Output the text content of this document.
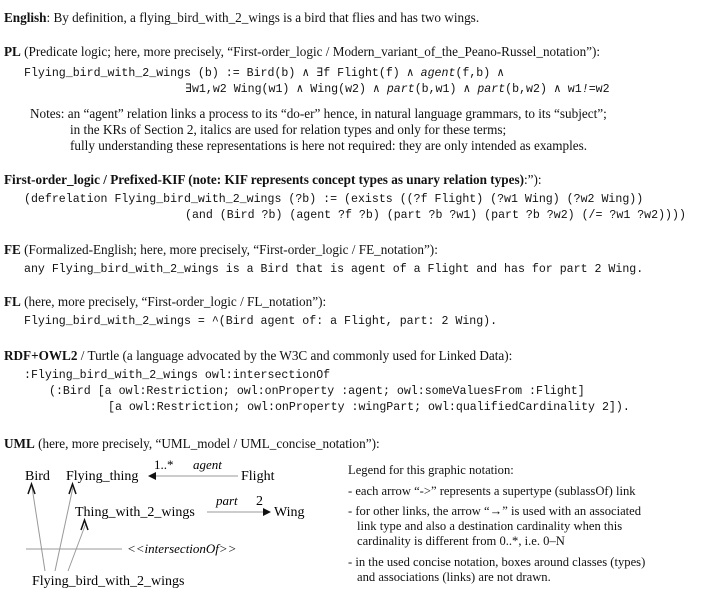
English: By definition, a flying_bird_with_2_wings is a bird that flies and has two wings.
PL (Predicate logic; here, more precisely, “First-order_logic / Modern_variant_of_the_Peano-Russel_notation”):
Flying_bird_with_2_wings (b) := Bird(b) ∧ ∃f Flight(f) ∧ agent(f,b) ∧
∃w1,w2 Wing(w1) ∧ Wing(w2) ∧ part(b,w1) ∧ part(b,w2) ∧ w1!=w2
Notes: an “agent” relation links a process to its “do-er” hence, in natural language grammars, to its “subject”;
in the KRs of Section 2, italics are used for relation types and only for these terms;
fully understanding these representations is here not required: they are only intended as examples.
First-order_logic / Prefixed-KIF (note: KIF represents concept types as unary relation types):”):
(defrelation Flying_bird_with_2_wings (?b) := (exists ((?f Flight) (?w1 Wing) (?w2 Wing))
(and (Bird ?b) (agent ?f ?b) (part ?b ?w1) (part ?b ?w2) (/= ?w1 ?w2))))
FE (Formalized-English; here, more precisely, “First-order_logic / FE_notation”):
any Flying_bird_with_2_wings is a Bird that is agent of a Flight and has for part 2 Wing.
FL (here, more precisely, “First-order_logic / FL_notation”):
Flying_bird_with_2_wings = ^(Bird agent of: a Flight, part: 2 Wing).
RDF+OWL2 / Turtle (a language advocated by the W3C and commonly used for Linked Data):
:Flying_bird_with_2_wings owl:intersectionOf
(:Bird [a owl:Restriction; owl:onProperty :agent; owl:someValuesFrom :Flight]
[a owl:Restriction; owl:onProperty :wingPart; owl:qualifiedCardinality 2]).
UML (here, more precisely, “UML_model / UML_concise_notation”):
Bird Flying_thing
1..* agent
Flight
Thing_with_2_wings
part 2
Wing
<<intersectionOf>>
Flying_bird_with_2_wings
Legend for this graphic notation:
- each arrow “->” represents a supertype (sublassOf) link
- for other links, the arrow “→” is used with an associated
link type and also a destination cardinality when this
cardinality is different from 0..*, i.e. 0–N
- in the used concise notation, boxes around classes (types)
and associations (links) are not drawn.
